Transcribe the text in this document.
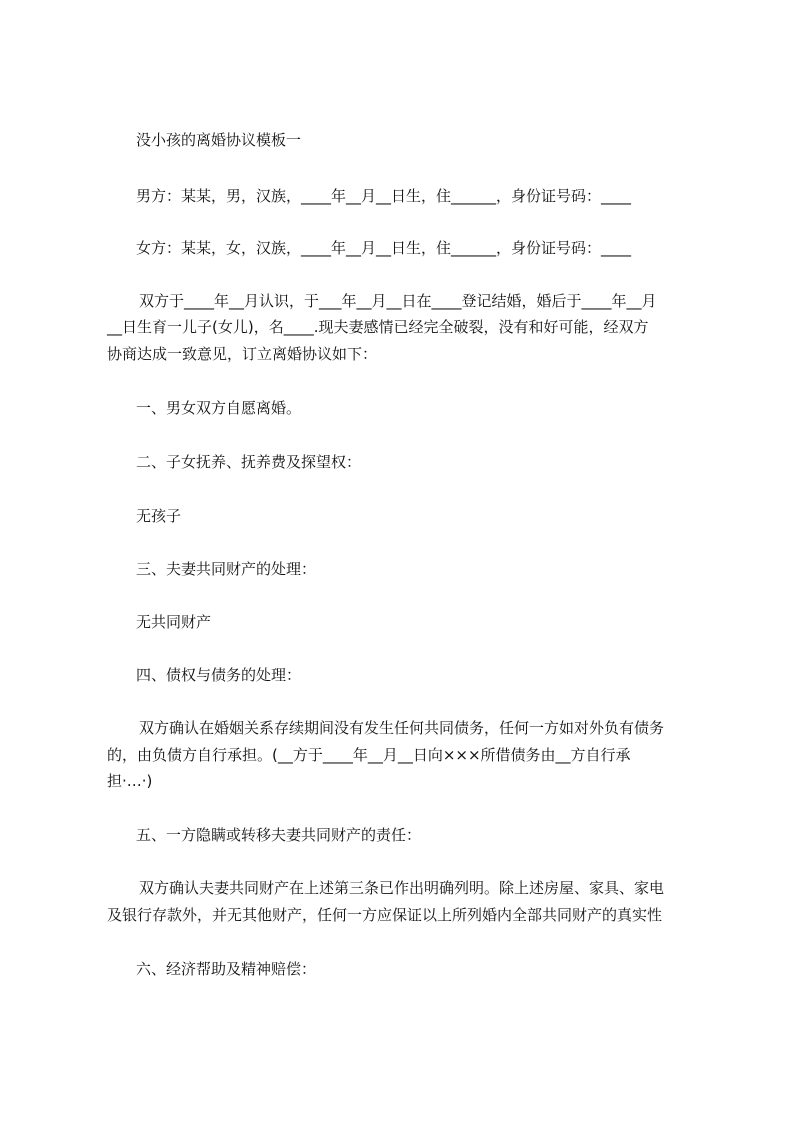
没小孩的离婚协议模板一
男方：某某，男，汉族，____年__月__日生，住______，身份证号码：____
女方：某某，女，汉族，____年__月__日生，住______，身份证号码：____
双方于____年__月认识，于___年__月__日在____登记结婚，婚后于____年__月
__日生育一儿子(女儿)，名____.现夫妻感情已经完全破裂，没有和好可能，经双方
协商达成一致意见，订立离婚协议如下：
一、男女双方自愿离婚。
二、子女抚养、抚养费及探望权：
无孩子
三、夫妻共同财产的处理：
无共同财产
四、债权与债务的处理：
双方确认在婚姻关系存续期间没有发生任何共同债务，任何一方如对外负有债务
的，由负债方自行承担。(__方于____年__月__日向×××所借债务由__方自行承
担·…·)
五、一方隐瞒或转移夫妻共同财产的责任：
双方确认夫妻共同财产在上述第三条已作出明确列明。除上述房屋、家具、家电
及银行存款外，并无其他财产，任何一方应保证以上所列婚内全部共同财产的真实性
六、经济帮助及精神赔偿：
